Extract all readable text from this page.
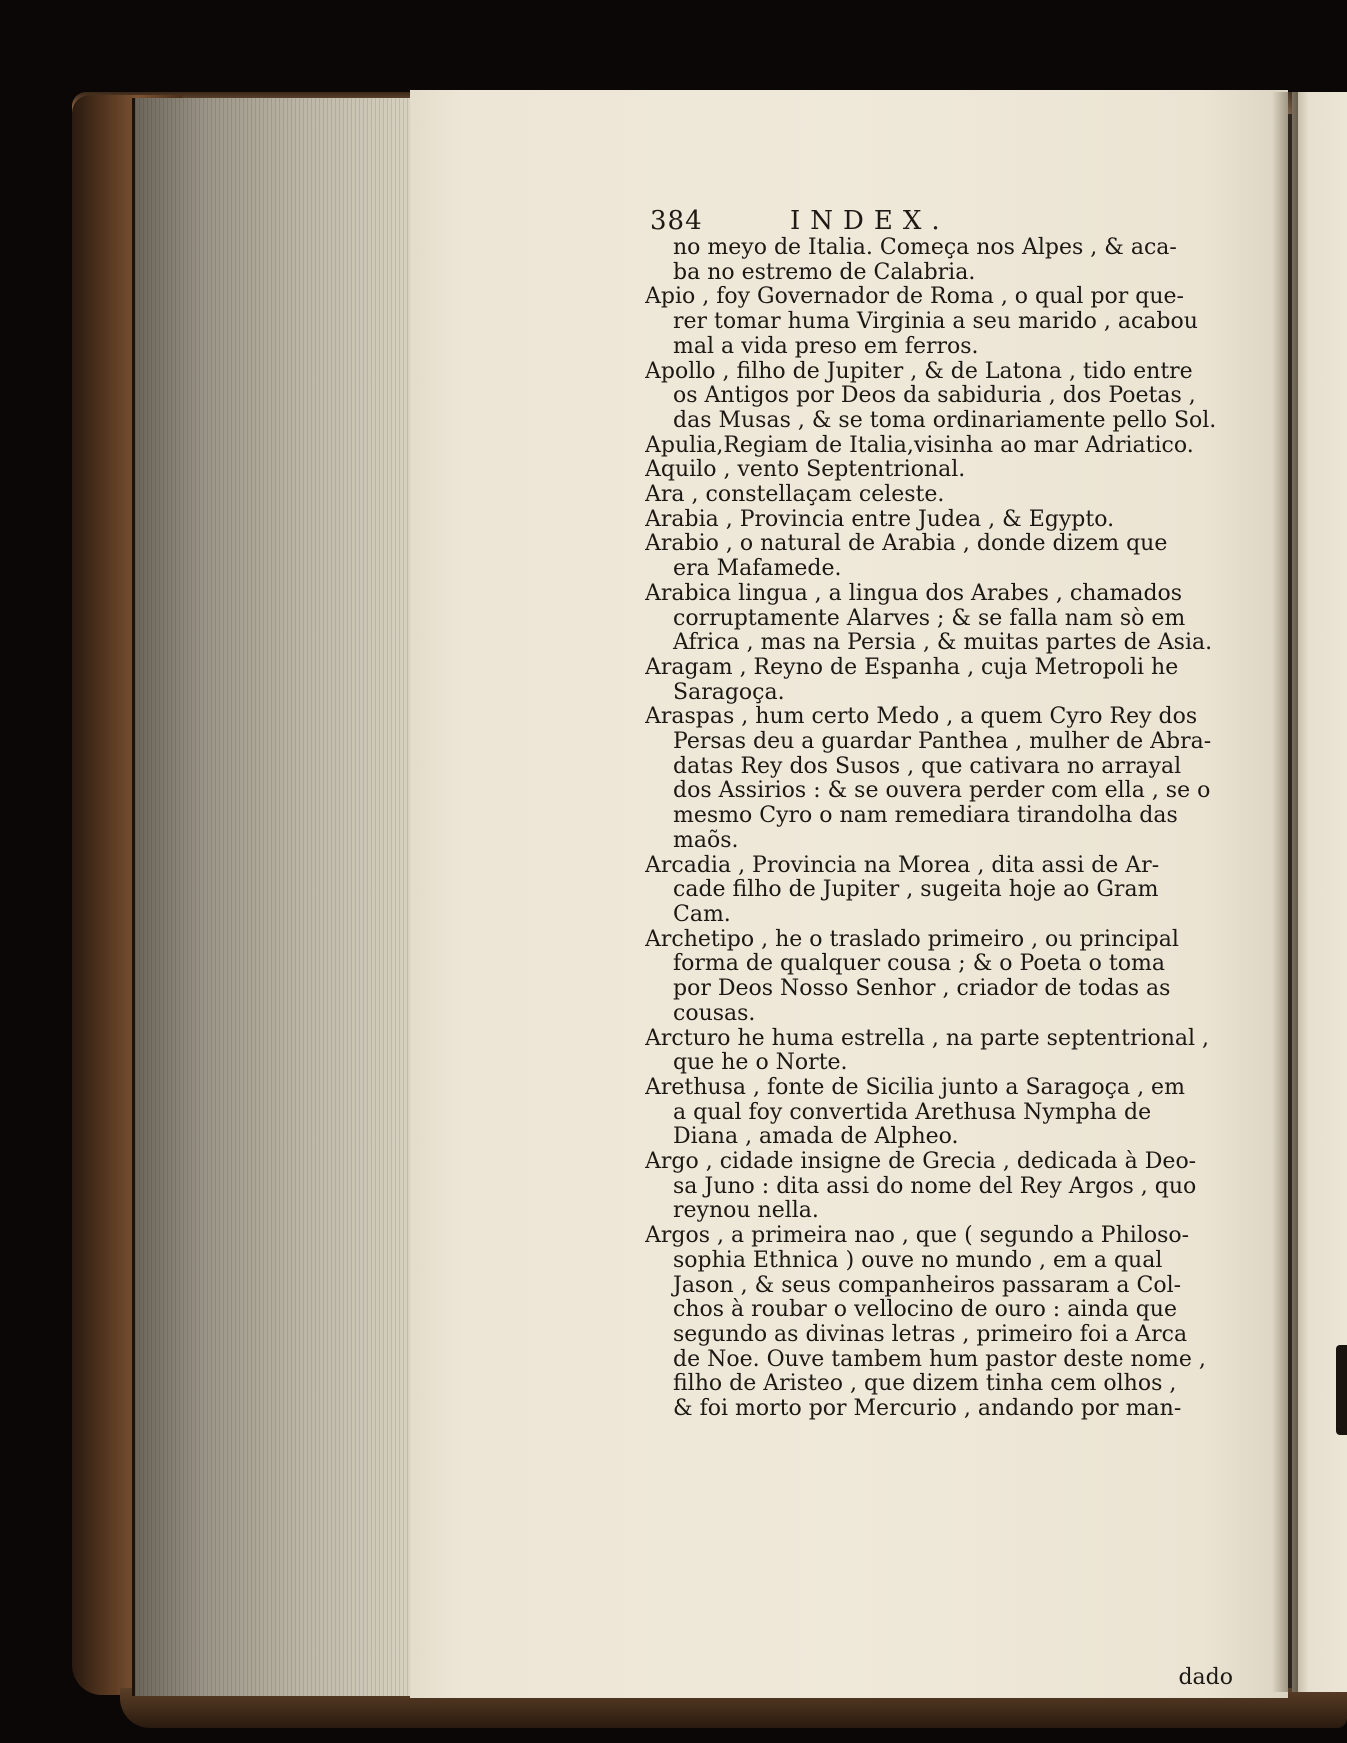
384	INDEX.
no meyo de Italia. Começa nos Alpes , & aca-
ba no estremo de Calabria.
Apio , foy Governador de Roma , o qual por que-
rer tomar huma Virginia a seu marido , acabou
mal a vida preso em ferros.
Apollo , filho de Jupiter , & de Latona , tido entre
os Antigos por Deos da sabiduria , dos Poetas ,
das Musas , & se toma ordinariamente pello Sol.
Apulia,Regiam de Italia,visinha ao mar Adriatico.
Aquilo , vento Septentrional.
Ara , constellaçam celeste.
Arabia , Provincia entre Judea , & Egypto.
Arabio , o natural de Arabia , donde dizem que
era Mafamede.
Arabica lingua , a lingua dos Arabes , chamados
corruptamente Alarves ; & se falla nam sò em
Africa , mas na Persia , & muitas partes de Asia.
Aragam , Reyno de Espanha , cuja Metropoli he
Saragoça.
Araspas , hum certo Medo , a quem Cyro Rey dos
Persas deu a guardar Panthea , mulher de Abra-
datas Rey dos Susos , que cativara no arrayal
dos Assirios : & se ouvera perder com ella , se o
mesmo Cyro o nam remediara tirandolha das
maõs.
Arcadia , Provincia na Morea , dita assi de Ar-
cade filho de Jupiter , sugeita hoje ao Gram
Cam.
Archetipo , he o traslado primeiro , ou principal
forma de qualquer cousa ; & o Poeta o toma
por Deos Nosso Senhor , criador de todas as
cousas.
Arcturo he huma estrella , na parte septentrional ,
que he o Norte.
Arethusa , fonte de Sicilia junto a Saragoça , em
a qual foy convertida Arethusa Nympha de
Diana , amada de Alpheo.
Argo , cidade insigne de Grecia , dedicada à Deo-
sa Juno : dita assi do nome del Rey Argos , quo
reynou nella.
Argos , a primeira nao , que ( segundo a Philoso-
sophia Ethnica ) ouve no mundo , em a qual
Jason , & seus companheiros passaram a Col-
chos à roubar o vellocino de ouro : ainda que
segundo as divinas letras , primeiro foi a Arca
de Noe. Ouve tambem hum pastor deste nome ,
filho de Aristeo , que dizem tinha cem olhos ,
& foi morto por Mercurio , andando por man-
dado
